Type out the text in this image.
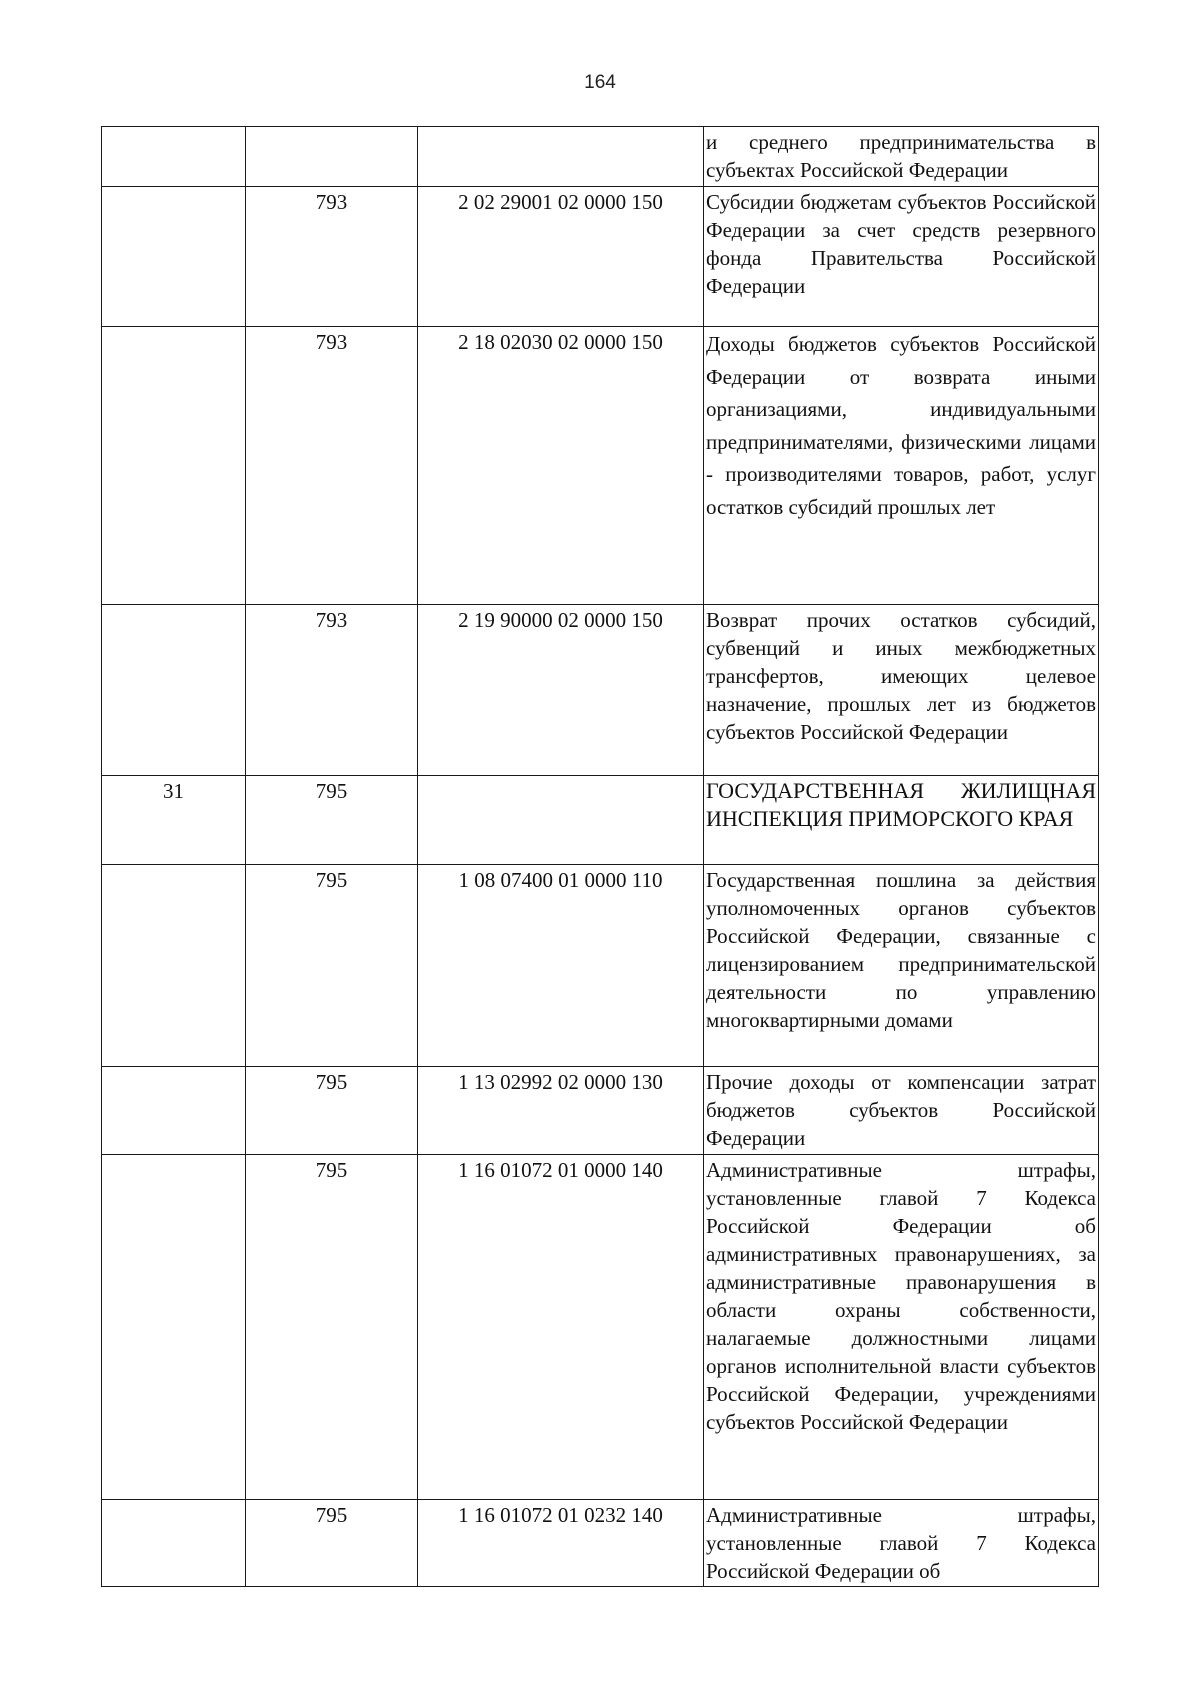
164
			и среднего предпринимательства в субъектах Российской Федерации
	793	2 02 29001 02 0000 150	Субсидии бюджетам субъектов Российской Федерации за счет средств резервного фонда Правительства Российской Федерации
	793	2 18 02030 02 0000 150	Доходы бюджетов субъектов Российской Федерации от возврата иными организациями, индивидуальными предпринимателями, физическими лицами - производителями товаров, работ, услуг остатков субсидий прошлых лет
	793	2 19 90000 02 0000 150	Возврат прочих остатков субсидий, субвенций и иных межбюджетных трансфертов, имеющих целевое назначение, прошлых лет из бюджетов субъектов Российской Федерации
31	795		ГОСУДАРСТВЕННАЯ ЖИЛИЩНАЯ ИНСПЕКЦИЯ ПРИМОРСКОГО КРАЯ
	795	1 08 07400 01 0000 110	Государственная пошлина за действия уполномоченных органов субъектов Российской Федерации, связанные с лицензированием предпринимательской деятельности по управлению многоквартирными домами
	795	1 13 02992 02 0000 130	Прочие доходы от компенсации затрат бюджетов субъектов Российской Федерации
	795	1 16 01072 01 0000 140	Административные штрафы, установленные главой 7 Кодекса Российской Федерации об административных правонарушениях, за административные правонарушения в области охраны собственности, налагаемые должностными лицами органов исполнительной власти субъектов Российской Федерации, учреждениями субъектов Российской Федерации
	795	1 16 01072 01 0232 140	Административные штрафы, установленные главой 7 Кодекса Российской Федерации об
